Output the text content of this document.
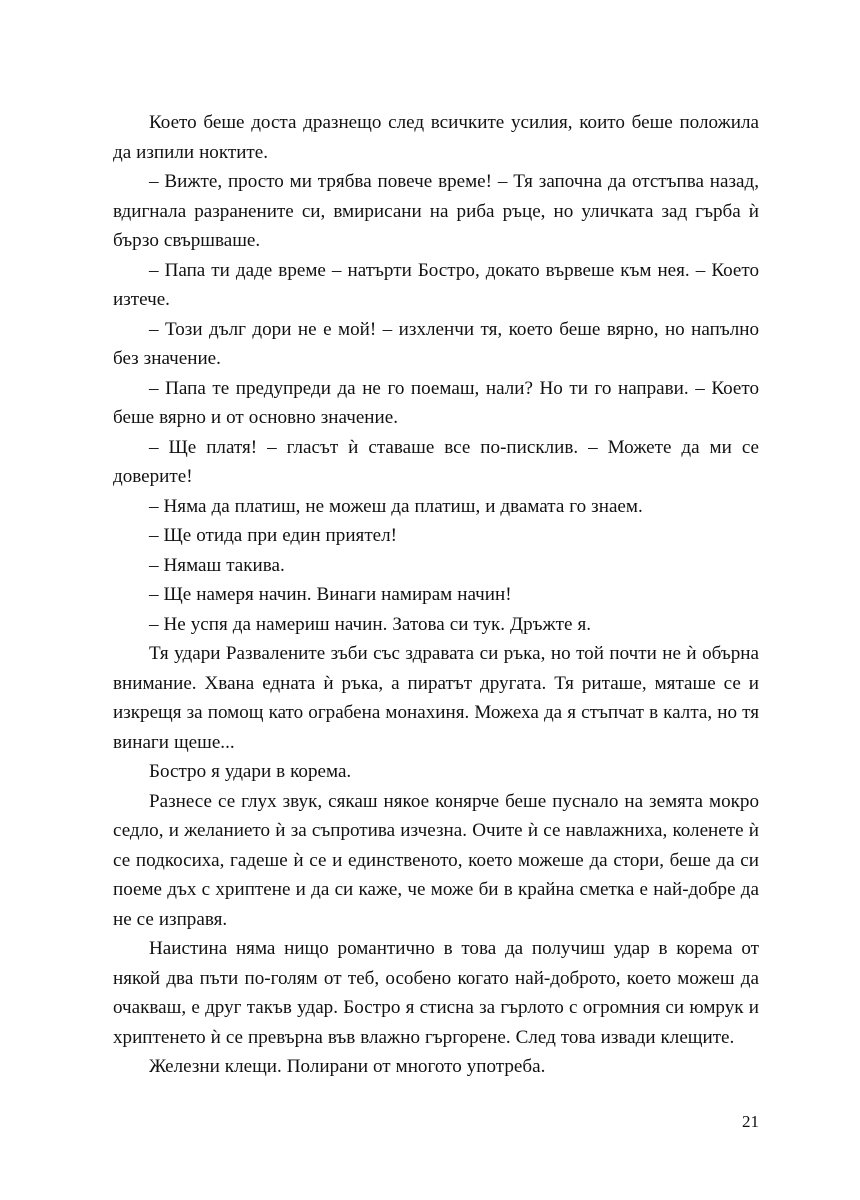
Което беше доста дразнещо след всичките усилия, които беше положила да изпили ноктите.

– Вижте, просто ми трябва повече време! – Тя започна да отстъпва назад, вдигнала разранените си, вмирисани на риба ръце, но уличката зад гърба ѝ бързо свършваше.

– Папа ти даде време – натърти Бостро, докато вървеше към нея. – Което изтече.

– Този дълг дори не е мой! – изхленчи тя, което беше вярно, но напълно без значение.

– Папа те предупреди да не го поемаш, нали? Но ти го направи. – Което беше вярно и от основно значение.

– Ще платя! – гласът ѝ ставаше все по-писклив. – Можете да ми се доверите!

– Няма да платиш, не можеш да платиш, и двамата го знаем.

– Ще отида при един приятел!

– Нямаш такива.

– Ще намеря начин. Винаги намирам начин!

– Не успя да намериш начин. Затова си тук. Дръжте я.

Тя удари Развалените зъби със здравата си ръка, но той почти не ѝ обърна внимание. Хвана едната ѝ ръка, а пиратът другата. Тя риташе, мяташе се и изкрещя за помощ като ограбена монахиня. Можеха да я стъпчат в калта, но тя винаги щеше...

Бостро я удари в корема.

Разнесе се глух звук, сякаш някое конярче беше пуснало на земята мокро седло, и желанието ѝ за съпротива изчезна. Очите ѝ се навлажниха, коленете ѝ се подкосиха, гадеше ѝ се и единственото, което можеше да стори, беше да си поеме дъх с хриптене и да си каже, че може би в крайна сметка е най-добре да не се изправя.

Наистина няма нищо романтично в това да получиш удар в корема от някой два пъти по-голям от теб, особено когато най-доброто, което можеш да очакваш, е друг такъв удар. Бостро я стисна за гърлото с огромния си юмрук и хриптенето ѝ се превърна във влажно гъргорене. След това извади клещите.

Железни клещи. Полирани от многото употреба.

21
